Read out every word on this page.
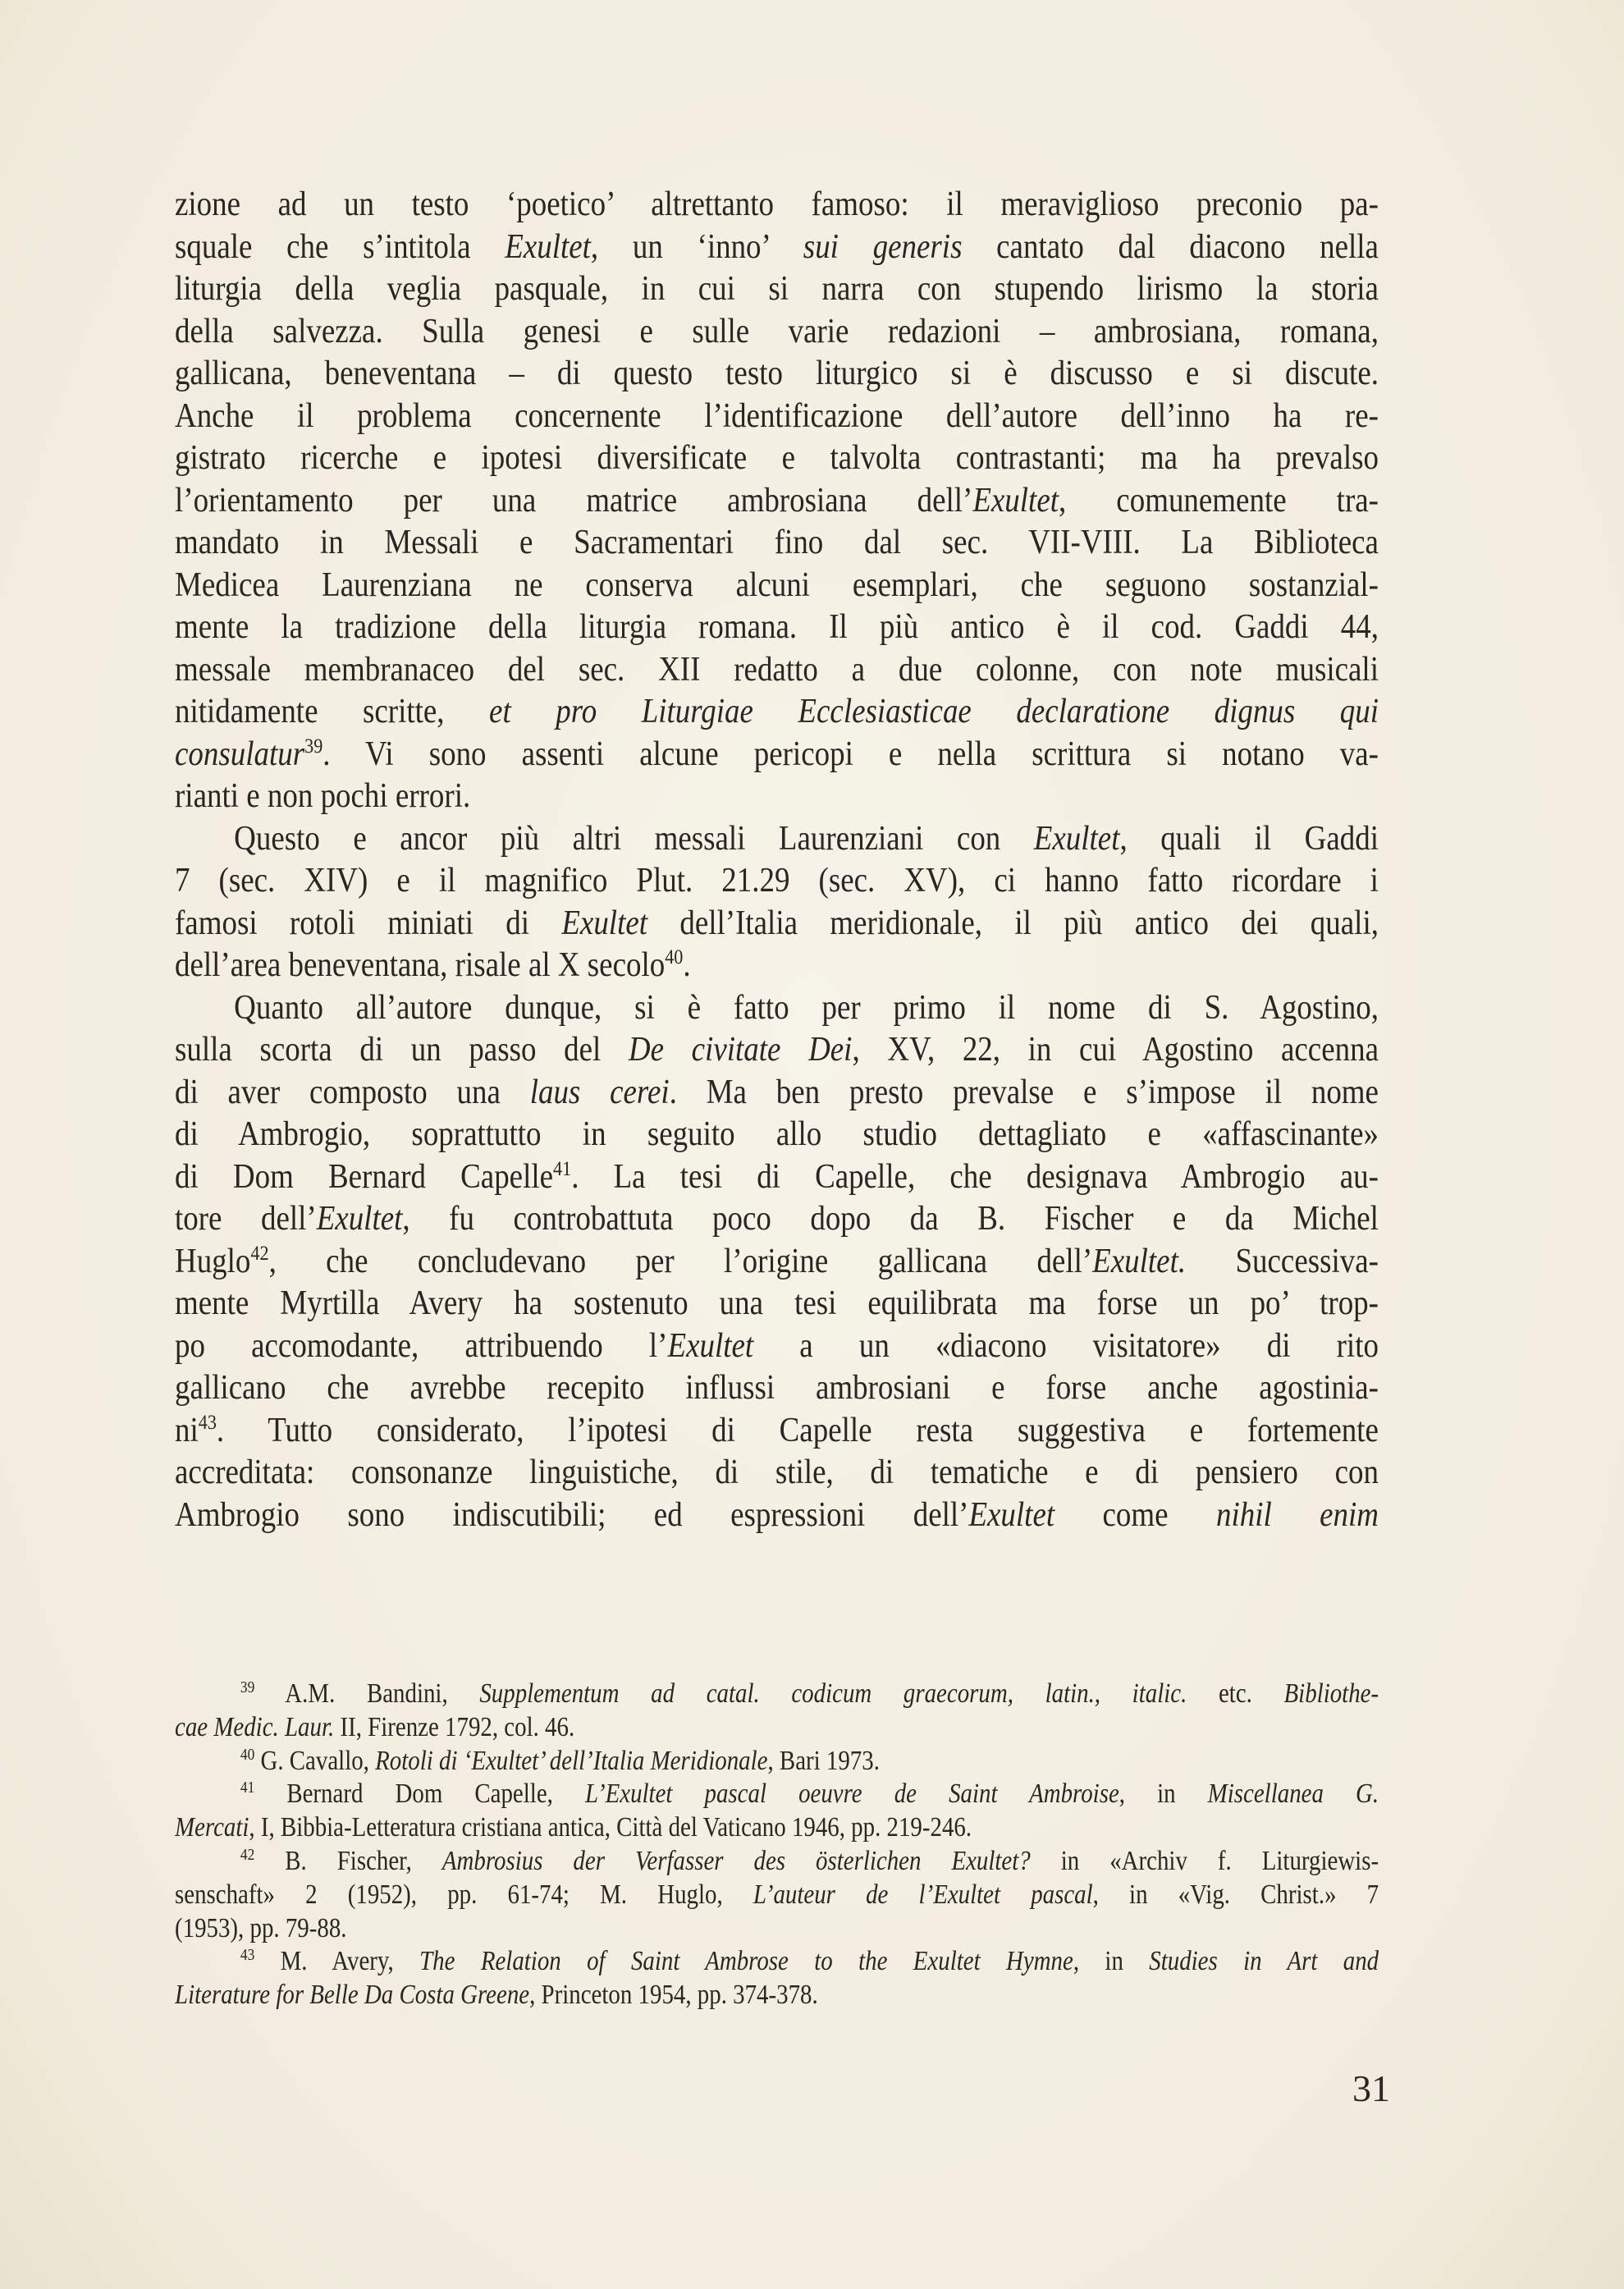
zione ad un testo ‘poetico’ altrettanto famoso: il meraviglioso preconio pa-
squale che s’intitola Exultet, un ‘inno’ sui generis cantato dal diacono nella
liturgia della veglia pasquale, in cui si narra con stupendo lirismo la storia
della salvezza. Sulla genesi e sulle varie redazioni – ambrosiana, romana,
gallicana, beneventana – di questo testo liturgico si è discusso e si discute.
Anche il problema concernente l’identificazione dell’autore dell’inno ha re-
gistrato ricerche e ipotesi diversificate e talvolta contrastanti; ma ha prevalso
l’orientamento per una matrice ambrosiana dell’Exultet, comunemente tra-
mandato in Messali e Sacramentari fino dal sec. VII-VIII. La Biblioteca
Medicea Laurenziana ne conserva alcuni esemplari, che seguono sostanzial-
mente la tradizione della liturgia romana. Il più antico è il cod. Gaddi 44,
messale membranaceo del sec. XII redatto a due colonne, con note musicali
nitidamente scritte, et pro Liturgiae Ecclesiasticae declaratione dignus qui
consulatur$^{39}$. Vi sono assenti alcune pericopi e nella scrittura si notano va-
rianti e non pochi errori.
Questo e ancor più altri messali Laurenziani con Exultet, quali il Gaddi
7 (sec. XIV) e il magnifico Plut. 21.29 (sec. XV), ci hanno fatto ricordare i
famosi rotoli miniati di Exultet dell’Italia meridionale, il più antico dei quali,
dell’area beneventana, risale al X secolo$^{40}$.
Quanto all’autore dunque, si è fatto per primo il nome di S. Agostino,
sulla scorta di un passo del De civitate Dei, XV, 22, in cui Agostino accenna
di aver composto una laus cerei. Ma ben presto prevalse e s’impose il nome
di Ambrogio, soprattutto in seguito allo studio dettagliato e «affascinante»
di Dom Bernard Capelle$^{41}$. La tesi di Capelle, che designava Ambrogio au-
tore dell’Exultet, fu controbattuta poco dopo da B. Fischer e da Michel
Huglo$^{42}$, che concludevano per l’origine gallicana dell’Exultet. Successiva-
mente Myrtilla Avery ha sostenuto una tesi equilibrata ma forse un po’ trop-
po accomodante, attribuendo l’Exultet a un «diacono visitatore» di rito
gallicano che avrebbe recepito influssi ambrosiani e forse anche agostinia-
$ni^{43}$. Tutto considerato, l’ipotesi di Capelle resta suggestiva e fortemente
accreditata: consonanze linguistiche, di stile, di tematiche e di pensiero con
Ambrogio sono indiscutibili; ed espressioni dell’Exultet come nihil enim
$^{39}$ A.M. Bandini, Supplementum ad catal. codicum graecorum, latin., italic. etc. Bibliothe-
cae Medic. Laur. II, Firenze 1792, col. 46.
$^{40}$ G. Cavallo, Rotoli di ‘Exultet’ dell’Italia Meridionale, Bari 1973.
$^{41}$ Bernard Dom Capelle, L’Exultet pascal oeuvre de Saint Ambroise, in Miscellanea G.
Mercati, I, Bibbia-Letteratura cristiana antica, Città del Vaticano 1946, pp. 219-246.
$^{42}$ B. Fischer, Ambrosius der Verfasser des österlichen Exultet? in «Archiv f. Liturgiewis-
senschaft» 2 (1952), pp. 61-74; M. Huglo, L’auteur de l’Exultet pascal, in «Vig. Christ.» 7
(1953), pp. 79-88.
$^{43}$ M. Avery, The Relation of Saint Ambrose to the Exultet Hymne, in Studies in Art and
Literature for Belle Da Costa Greene, Princeton 1954, pp. 374-378.
31
